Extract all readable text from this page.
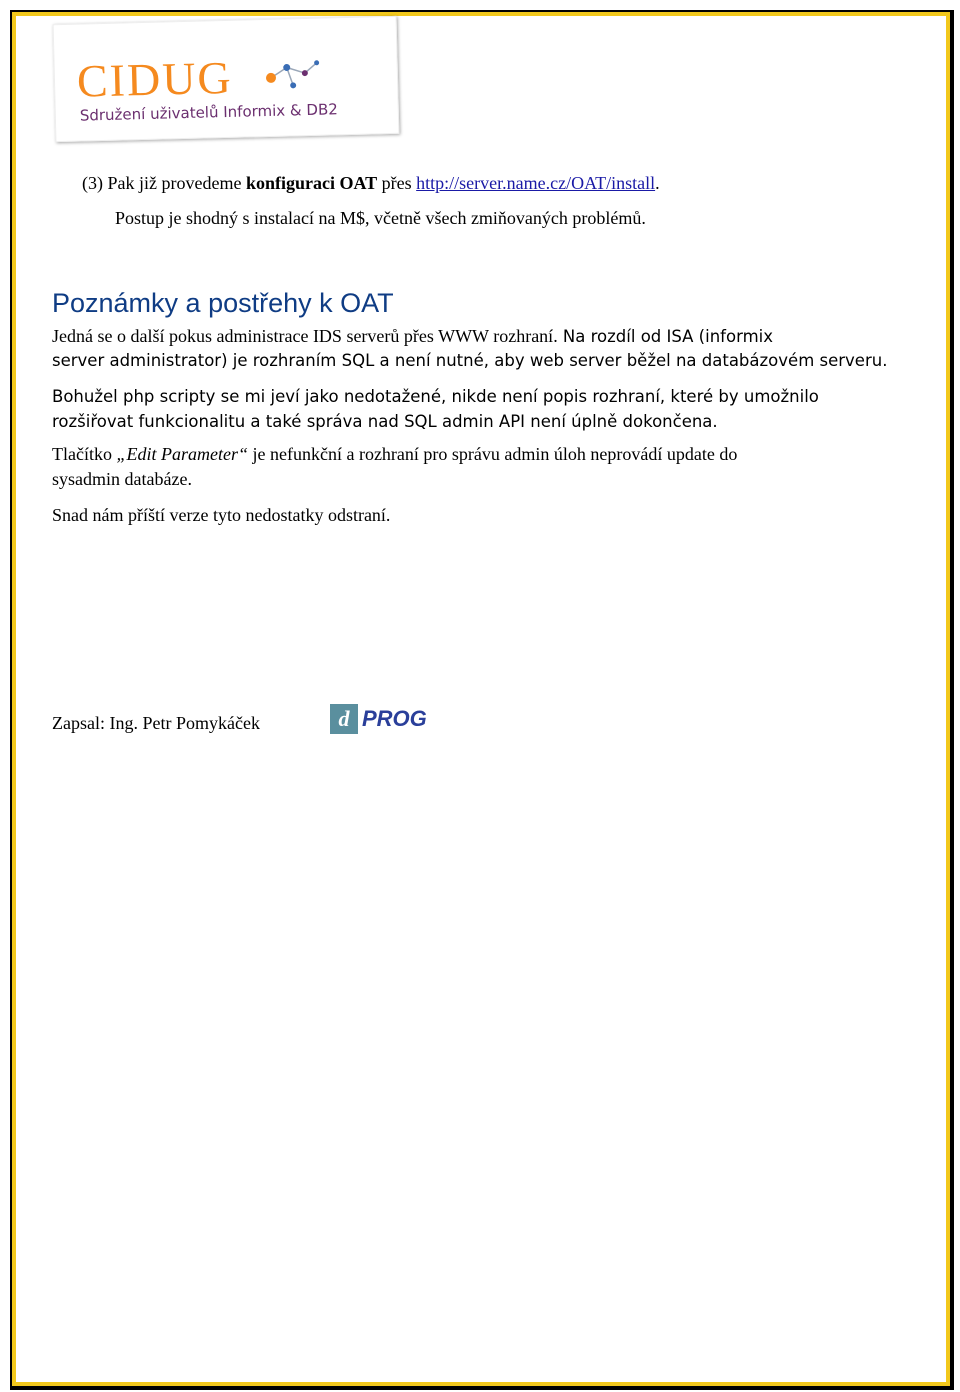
CIDUG
Sdružení uživatelů Informix & DB2
(3) Pak již provedeme konfiguraci OAT přes http://server.name.cz/OAT/install.
Postup je shodný s instalací na M$, včetně všech zmiňovaných problémů.
Poznámky a postřehy k OAT
Jedná se o další pokus administrace IDS serverů přes WWW rozhraní. Na rozdíl od ISA (informix
server administrator) je rozhraním SQL a není nutné, aby web server běžel na databázovém serveru.
Bohužel php scripty se mi jeví jako nedotažené, nikde není popis rozhraní, které by umožnilo
rozšiřovat funkcionalitu a také správa nad SQL admin API není úplně dokončena.
Tlačítko „Edit Parameter“ je nefunkční a rozhraní pro správu admin úloh neprovádí update do
sysadmin databáze.
Snad nám příští verze tyto nedostatky odstraní.
Zapsal: Ing. Petr Pomykáček	d PROG
